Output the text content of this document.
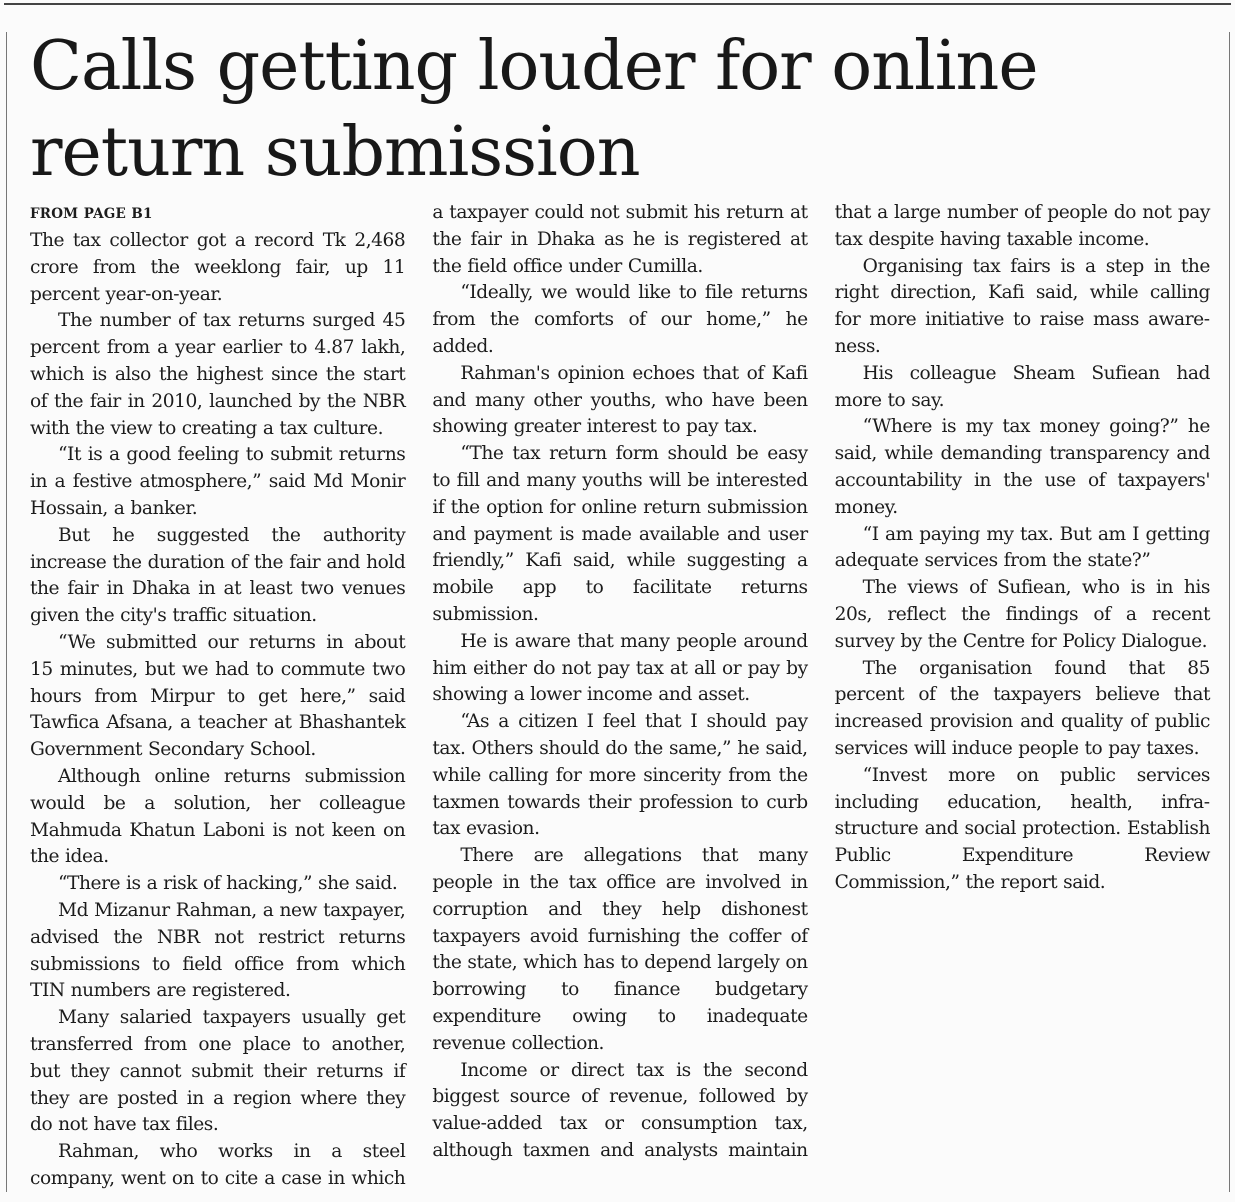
Calls getting louder for online return submission
FROM PAGE B1

The tax collector got a record Tk 2,468 crore from the weeklong fair, up 11 percent year-on-year.

The number of tax returns surged 45 percent from a year earlier to 4.87 lakh, which is also the highest since the start of the fair in 2010, launched by the NBR with the view to creating a tax culture.

“It is a good feeling to submit returns in a festive atmosphere,” said Md Monir Hossain, a banker.

But he suggested the authority increase the duration of the fair and hold the fair in Dhaka in at least two venues given the city's traffic situation.

“We submitted our returns in about 15 minutes, but we had to commute two hours from Mirpur to get here,” said Tawfica Afsana, a teacher at Bhashantek Government Secondary School.

Although online returns submission would be a solution, her colleague Mahmuda Khatun Laboni is not keen on the idea.

“There is a risk of hacking,” she said.

Md Mizanur Rahman, a new taxpayer, advised the NBR not restrict returns submissions to field office from which TIN numbers are registered.

Many salaried taxpayers usually get transferred from one place to another, but they cannot submit their returns if they are posted in a region where they do not have tax files.

Rahman, who works in a steel company, went on to cite a case in which a taxpayer could not submit his return at the fair in Dhaka as he is registered at the field office under Cumilla.

“Ideally, we would like to file returns from the comforts of our home,” he added.

Rahman's opinion echoes that of Kafi and many other youths, who have been showing greater interest to pay tax.

“The tax return form should be easy to fill and many youths will be interested if the option for online return submission and payment is made available and user friendly,” Kafi said, while suggesting a mobile app to facilitate returns submission.

He is aware that many people around him either do not pay tax at all or pay by showing a lower income and asset.

“As a citizen I feel that I should pay tax. Others should do the same,” he said, while calling for more sincerity from the taxmen towards their profession to curb tax evasion.

There are allegations that many people in the tax office are involved in corruption and they help dishonest taxpayers avoid furnishing the coffer of the state, which has to depend largely on borrowing to finance budgetary expenditure owing to inadequate revenue collection.

Income or direct tax is the second biggest source of revenue, followed by value-added tax or consumption tax, although taxmen and analysts maintain that a large number of people do not pay tax despite having taxable income.

Organising tax fairs is a step in the right direction, Kafi said, while calling for more initiative to raise mass awareness.

His colleague Sheam Sufiean had more to say.

“Where is my tax money going?” he said, while demanding transparency and accountability in the use of taxpayers' money.

“I am paying my tax. But am I getting adequate services from the state?”

The views of Sufiean, who is in his 20s, reflect the findings of a recent survey by the Centre for Policy Dialogue.

The organisation found that 85 percent of the taxpayers believe that increased provision and quality of public services will induce people to pay taxes.

“Invest more on public services including education, health, infrastructure and social protection. Establish Public Expenditure Review Commission,” the report said.
